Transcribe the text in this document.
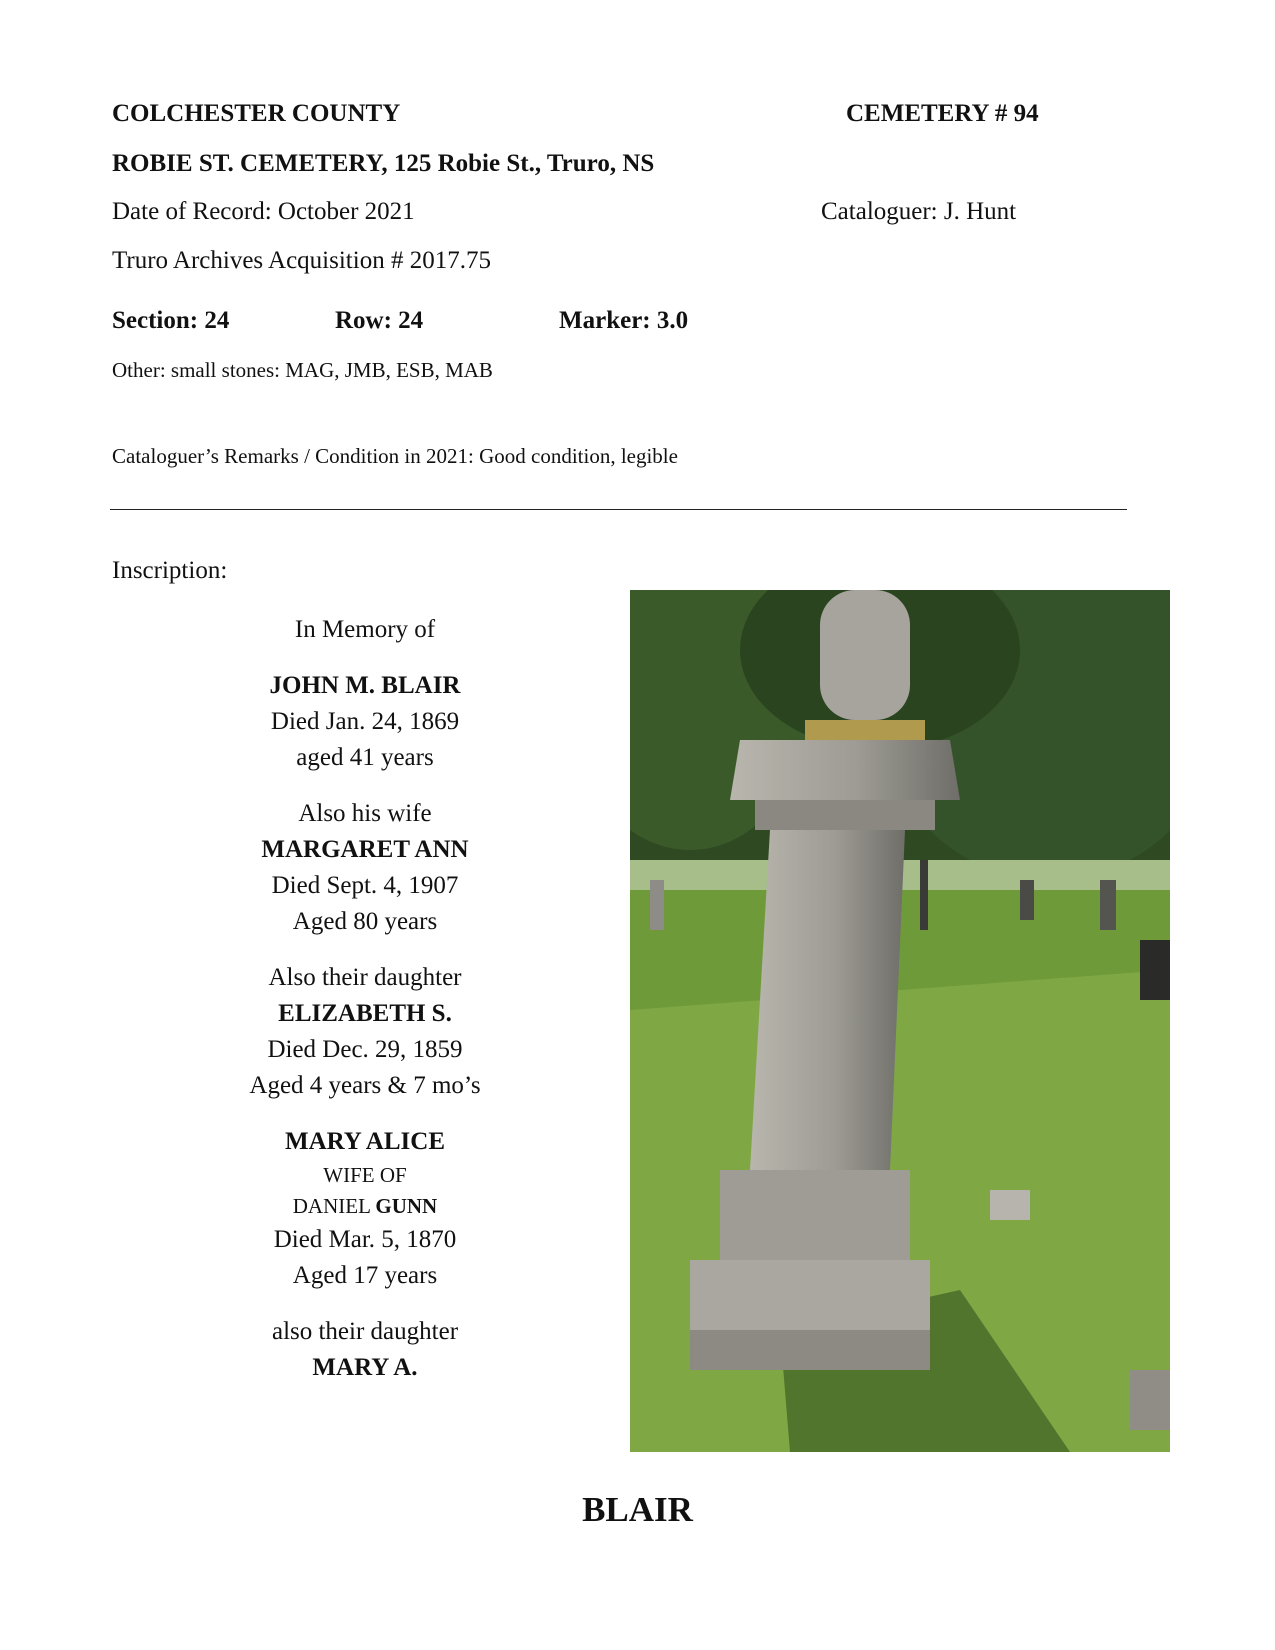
COLCHESTER COUNTY	CEMETERY # 94
ROBIE ST. CEMETERY, 125 Robie St., Truro, NS
Date of Record: October 2021	Cataloguer: J. Hunt
Truro Archives Acquisition # 2017.75
Section: 24	Row: 24	Marker: 3.0
Other: small stones: MAG, JMB, ESB, MAB
Cataloguer’s Remarks / Condition in 2021: Good condition, legible
Inscription:
In Memory of
JOHN M. BLAIR
Died Jan. 24, 1869
aged 41 years
Also his wife
MARGARET ANN
Died Sept. 4, 1907
Aged 80 years
Also their daughter
ELIZABETH S.
Died Dec. 29, 1859
Aged 4 years & 7 mo’s
MARY ALICE
WIFE OF
DANIEL GUNN
Died Mar. 5, 1870
Aged 17 years
also their daughter
MARY A.
BLAIR
